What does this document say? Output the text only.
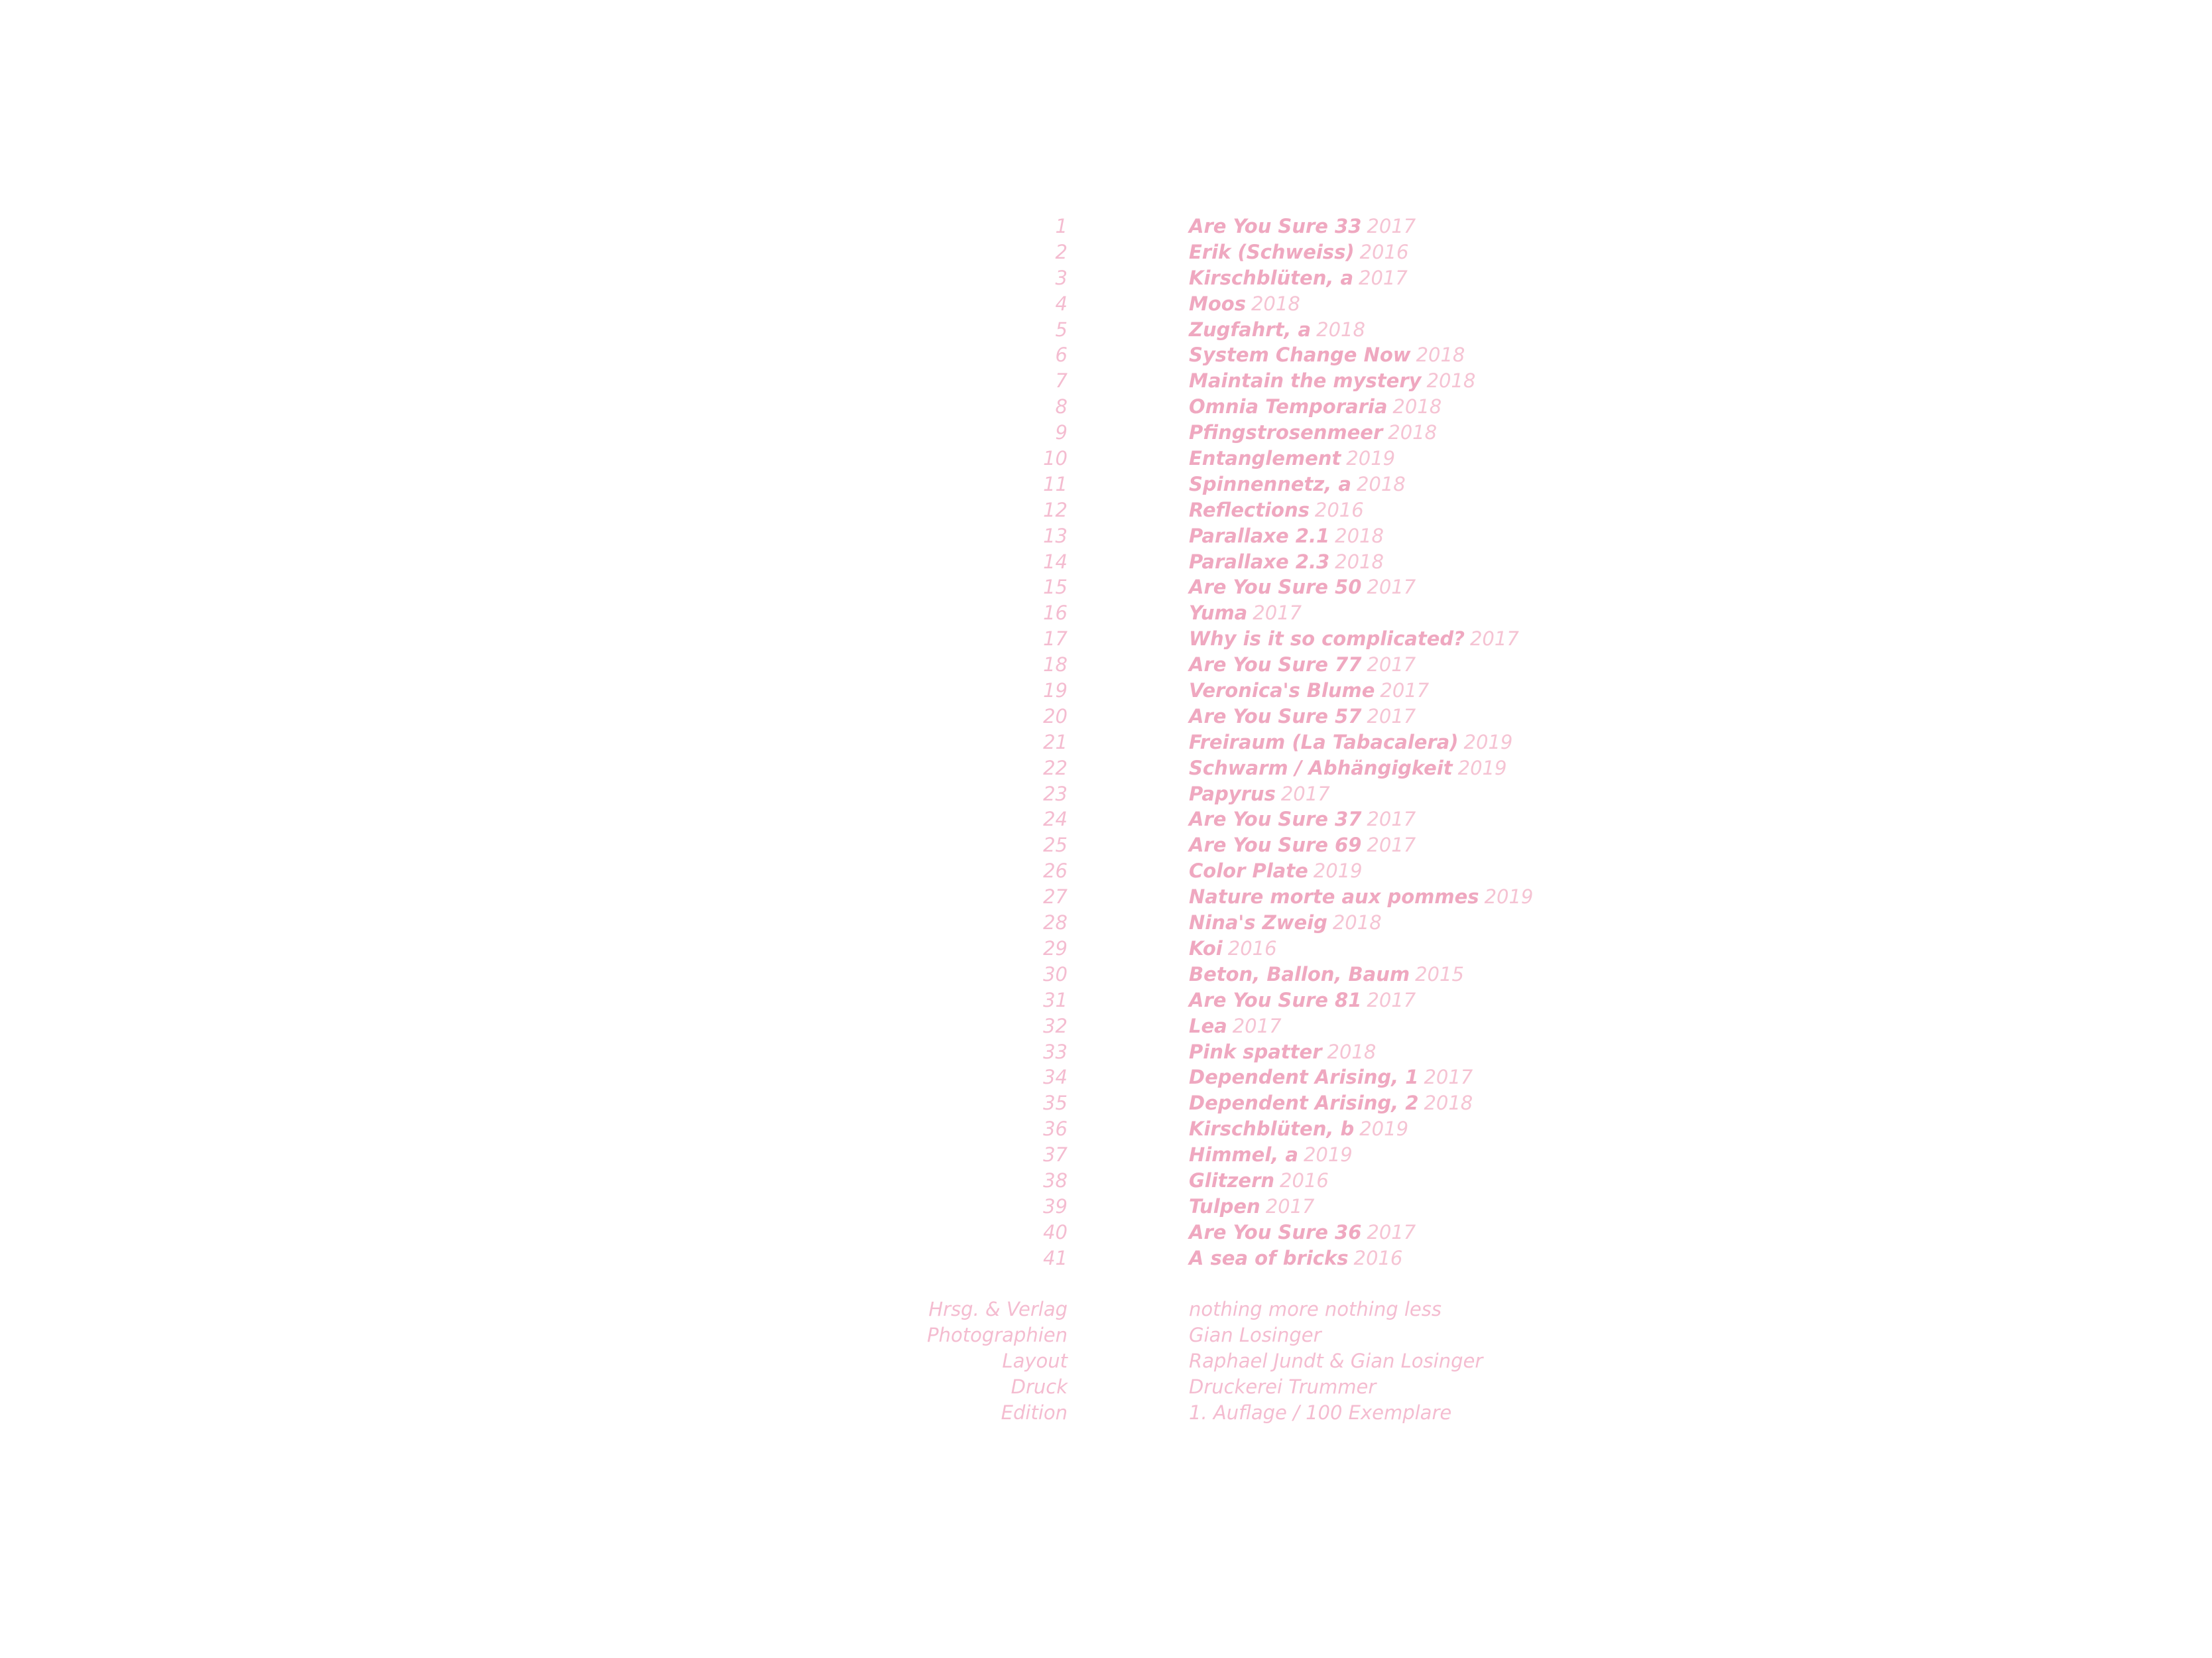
1	Are You Sure 33 2017
2	Erik (Schweiss) 2016
3	Kirschblüten, a 2017
4	Moos 2018
5	Zugfahrt, a 2018
6	System Change Now 2018
7	Maintain the mystery 2018
8	Omnia Temporaria 2018
9	Pfingstrosenmeer 2018
10	Entanglement 2019
11	Spinnennetz, a 2018
12	Reflections 2016
13	Parallaxe 2.1 2018
14	Parallaxe 2.3 2018
15	Are You Sure 50 2017
16	Yuma 2017
17	Why is it so complicated? 2017
18	Are You Sure 77 2017
19	Veronica's Blume 2017
20	Are You Sure 57 2017
21	Freiraum (La Tabacalera) 2019
22	Schwarm / Abhängigkeit 2019
23	Papyrus 2017
24	Are You Sure 37 2017
25	Are You Sure 69 2017
26	Color Plate 2019
27	Nature morte aux pommes 2019
28	Nina's Zweig 2018
29	Koi 2016
30	Beton, Ballon, Baum 2015
31	Are You Sure 81 2017
32	Lea 2017
33	Pink spatter 2018
34	Dependent Arising, 1 2017
35	Dependent Arising, 2 2018
36	Kirschblüten, b 2019
37	Himmel, a 2019
38	Glitzern 2016
39	Tulpen 2017
40	Are You Sure 36 2017
41	A sea of bricks 2016
Hrsg. & Verlag	nothing more nothing less
Photographien	Gian Losinger
Layout	Raphael Jundt & Gian Losinger
Druck	Druckerei Trummer
Edition	1. Auflage / 100 Exemplare
